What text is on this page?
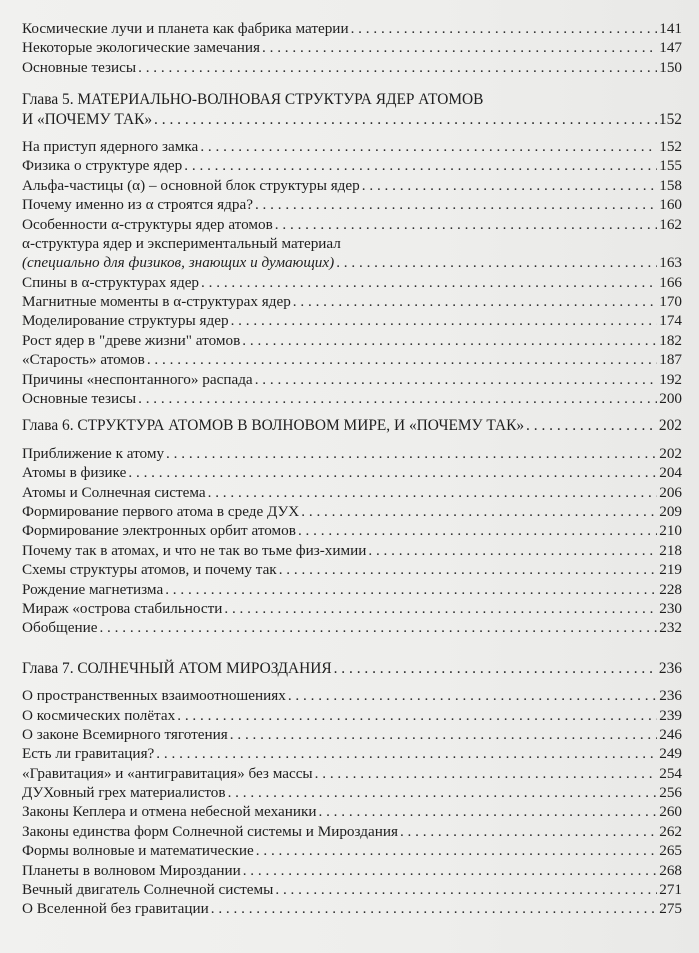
Космические лучи и планета как фабрика материи . . .	141
Некоторые экологические замечания . . .	147
Основные тезисы . . .	150
Глава 5. МАТЕРИАЛЬНО-ВОЛНОВАЯ СТРУКТУРА ЯДЕР АТОМОВ
И «ПОЧЕМУ ТАК» . . .	152
На приступ ядерного замка . . .	152
Физика о структуре ядер . . .	155
Альфа-частицы (α) – основной блок структуры ядер . . .	158
Почему именно из α строятся ядра? . . .	160
Особенности α-структуры ядер атомов . . .	162
α-структура ядер и экспериментальный материал
(специально для физиков, знающих и думающих) . . .	163
Спины в α-структурах ядер . . .	166
Магнитные моменты в α-структурах ядер . . .	170
Моделирование структуры ядер . . .	174
Рост ядер в "древе жизни" атомов . . .	182
«Старость» атомов . . .	187
Причины «неспонтанного» распада . . .	192
Основные тезисы . . .	200
Глава 6. СТРУКТУРА АТОМОВ В ВОЛНОВОМ МИРЕ, И «ПОЧЕМУ ТАК» . . .	202
Приближение к атому . . .	202
Атомы в физике . . .	204
Атомы и Солнечная система . . .	206
Формирование первого атома в среде ДУХ . . .	209
Формирование электронных орбит атомов . . .	210
Почему так в атомах, и что не так во тьме физ-химии . . .	218
Схемы структуры атомов, и почему так . . .	219
Рождение магнетизма . . .	228
Мираж «острова стабильности . . .	230
Обобщение . . .	232
Глава 7. СОЛНЕЧНЫЙ АТОМ МИРОЗДАНИЯ . . .	236
О пространственных взаимоотношениях . . .	236
О космических полётах . . .	239
О законе Всемирного тяготения . . .	246
Есть ли гравитация? . . .	249
«Гравитация» и «антигравитация» без массы . . .	254
ДУХовный грех материалистов . . .	256
Законы Кеплера и отмена небесной механики . . .	260
Законы единства форм Солнечной системы и Мироздания . . .	262
Формы волновые и математические . . .	265
Планеты в волновом Мироздании . . .	268
Вечный двигатель Солнечной системы . . .	271
О Вселенной без гравитации . . .	275
